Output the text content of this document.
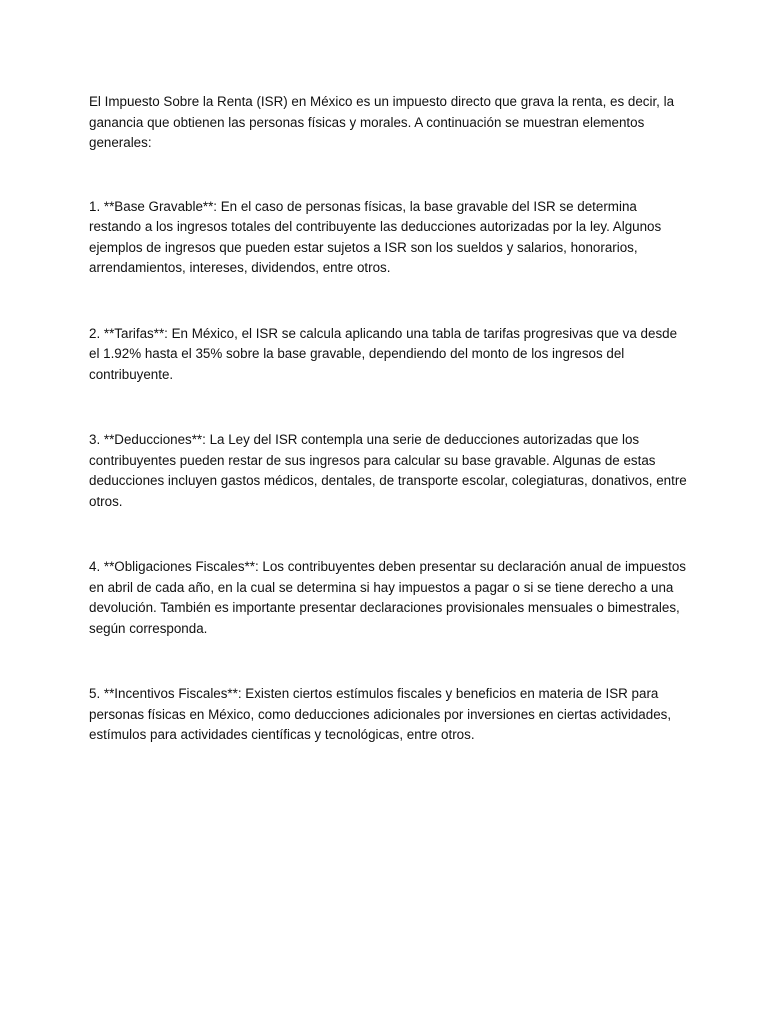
El Impuesto Sobre la Renta (ISR) en México es un impuesto directo que grava la renta, es decir, la ganancia que obtienen las personas físicas y morales. A continuación se muestran elementos generales:

1. **Base Gravable**: En el caso de personas físicas, la base gravable del ISR se determina restando a los ingresos totales del contribuyente las deducciones autorizadas por la ley. Algunos ejemplos de ingresos que pueden estar sujetos a ISR son los sueldos y salarios, honorarios, arrendamientos, intereses, dividendos, entre otros.

2. **Tarifas**: En México, el ISR se calcula aplicando una tabla de tarifas progresivas que va desde el 1.92% hasta el 35% sobre la base gravable, dependiendo del monto de los ingresos del contribuyente.

3. **Deducciones**: La Ley del ISR contempla una serie de deducciones autorizadas que los contribuyentes pueden restar de sus ingresos para calcular su base gravable. Algunas de estas deducciones incluyen gastos médicos, dentales, de transporte escolar, colegiaturas, donativos, entre otros.

4. **Obligaciones Fiscales**: Los contribuyentes deben presentar su declaración anual de impuestos en abril de cada año, en la cual se determina si hay impuestos a pagar o si se tiene derecho a una devolución. También es importante presentar declaraciones provisionales mensuales o bimestrales, según corresponda.

5. **Incentivos Fiscales**: Existen ciertos estímulos fiscales y beneficios en materia de ISR para personas físicas en México, como deducciones adicionales por inversiones en ciertas actividades, estímulos para actividades científicas y tecnológicas, entre otros.
